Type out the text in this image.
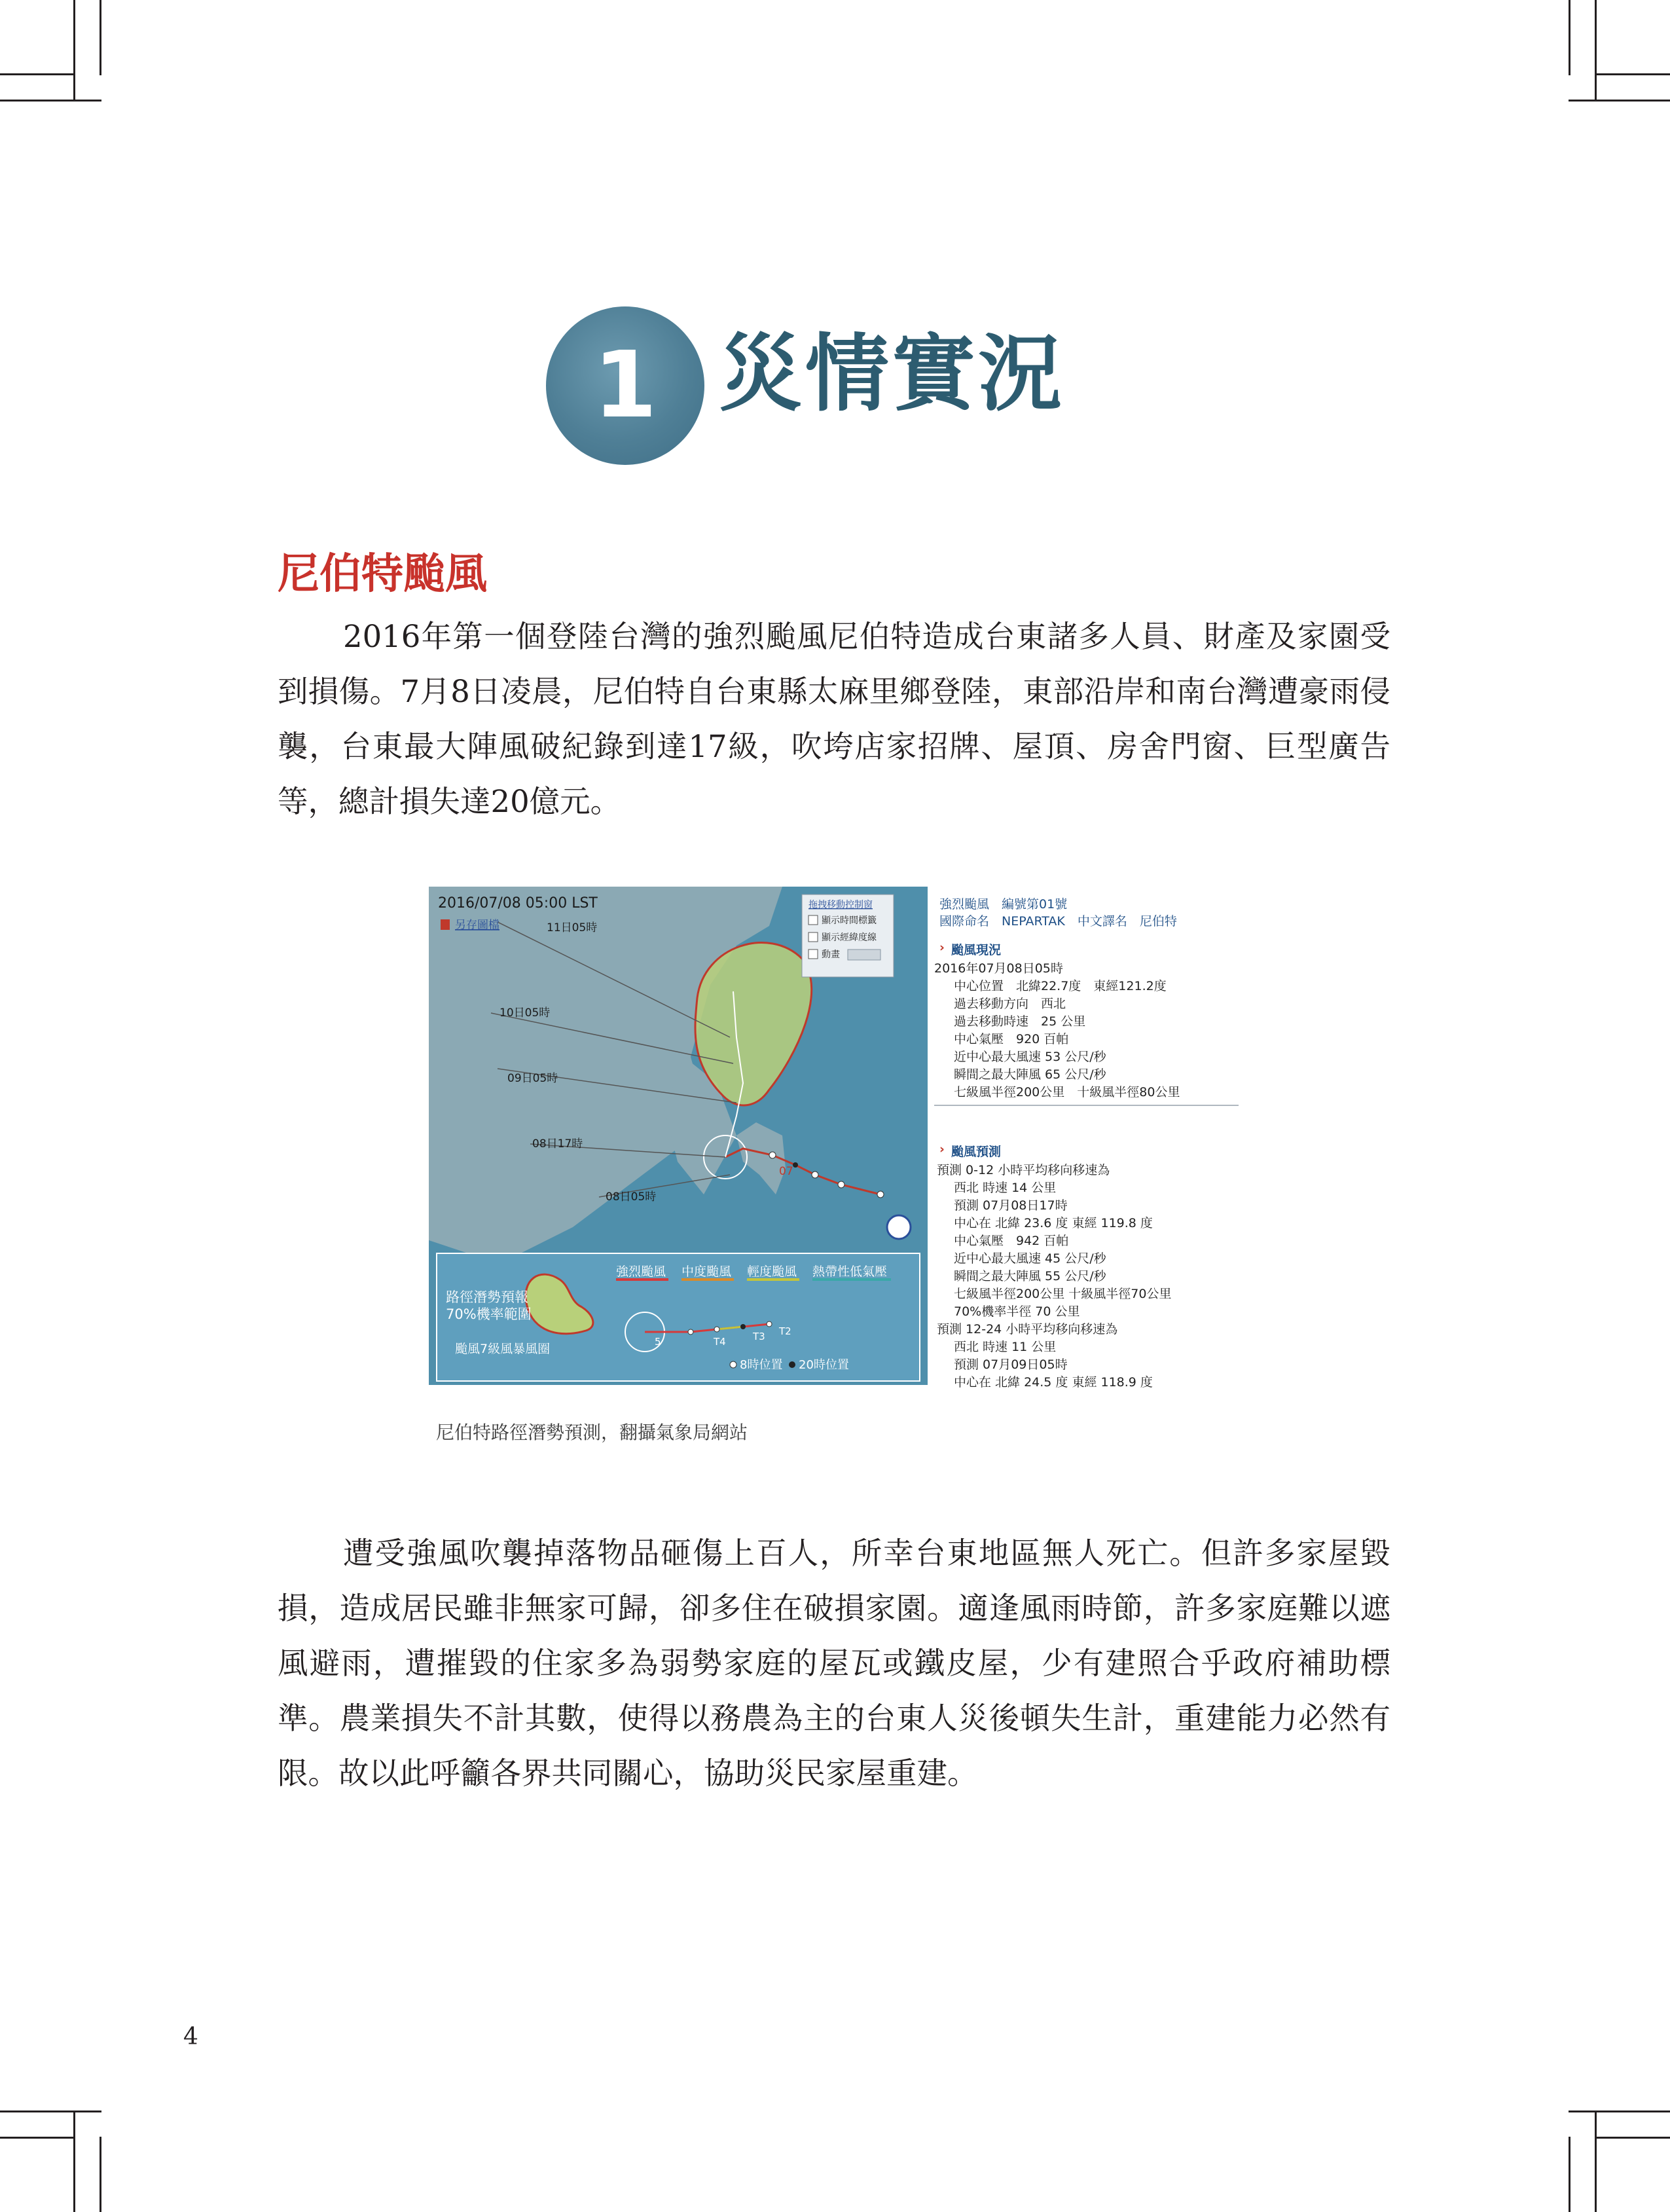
1 災情實況
尼伯特颱風

2016年第一個登陸台灣的強烈颱風尼伯特造成台東諸多人員、財產及家園受到損傷。7月8日凌晨，尼伯特自台東縣太麻里鄉登陸，東部沿岸和南台灣遭豪雨侵襲，台東最大陣風破紀錄到達17級，吹垮店家招牌、屋頂、房舍門窗、巨型廣告等，總計損失達20億元。

11日05時
10日05時
09日05時
08日17時
08日05時
07
2016/07/08 05:00 LST
另存圖檔
拖拽移動控制窗
顯示時間標籤
顯示經緯度線
動畫
強烈颱風 中度颱風 輕度颱風 熱帶性低氣壓
5	T4	T3 T2
路徑潛勢預報
70%機率範圍
颱風7級風暴風圈
8時位置 20時位置
強烈颱風　編號第01號
國際命名　NEPARTAK　中文譯名　尼伯特
› 颱風現況
2016年07月08日05時
中心位置　北緯22.7度　東經121.2度
過去移動方向　西北
過去移動時速　25 公里
中心氣壓　920 百帕
近中心最大風速 53 公尺/秒
瞬間之最大陣風 65 公尺/秒
七級風半徑200公里　十級風半徑80公里
› 颱風預測
預測 0-12 小時平均移向移速為
西北 時速 14 公里
預測 07月08日17時
中心在 北緯 23.6 度 東經 119.8 度
中心氣壓　942 百帕
近中心最大風速 45 公尺/秒
瞬間之最大陣風 55 公尺/秒
七級風半徑200公里 十級風半徑70公里
70%機率半徑 70 公里
預測 12-24 小時平均移向移速為
西北 時速 11 公里
預測 07月09日05時
中心在 北緯 24.5 度 東經 118.9 度
尼伯特路徑潛勢預測，翻攝氣象局網站

遭受強風吹襲掉落物品砸傷上百人，所幸台東地區無人死亡。但許多家屋毀損，造成居民雖非無家可歸，卻多住在破損家園。適逢風雨時節，許多家庭難以遮風避雨，遭摧毀的住家多為弱勢家庭的屋瓦或鐵皮屋，少有建照合乎政府補助標準。農業損失不計其數，使得以務農為主的台東人災後頓失生計，重建能力必然有限。故以此呼籲各界共同關心，協助災民家屋重建。

4
